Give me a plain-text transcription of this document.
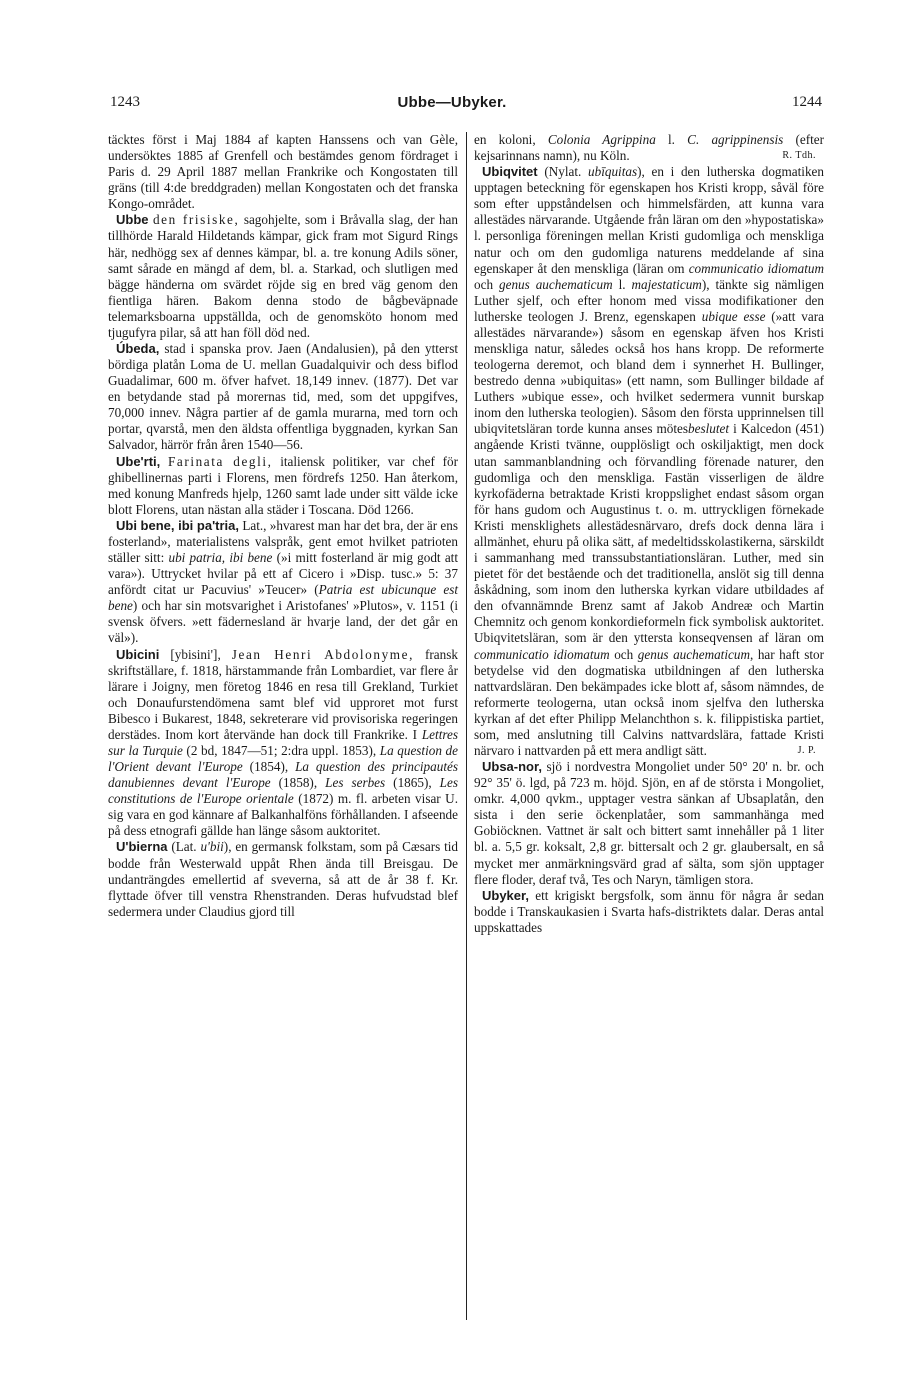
1243	Ubbe—Ubyker.	1244

täcktes först i Maj 1884 af kapten Hanssens och van Gèle, undersöktes 1885 af Grenfell och bestämdes genom fördraget i Paris d. 29 April 1887 mellan Frankrike och Kongostaten till gräns (till 4:de breddgraden) mellan Kongostaten och det franska Kongo-området.

Ubbe den frisiske, sagohjelte, som i Bråvalla slag, der han tillhörde Harald Hildetands kämpar, gick fram mot Sigurd Rings här, nedhögg sex af dennes kämpar, bl. a. tre konung Adils söner, samt sårade en mängd af dem, bl. a. Starkad, och slutligen med bägge händerna om svärdet röjde sig en bred väg genom den fientliga hären. Bakom denna stodo de bågbeväpnade telemarksboarna uppställda, och de genomsköto honom med tjugufyra pilar, så att han föll död ned.

Úbeda, stad i spanska prov. Jaen (Andalusien), på den ytterst bördiga platån Loma de U. mellan Guadalquivir och dess biflod Guadalimar, 600 m. öfver hafvet. 18,149 innev. (1877). Det var en betydande stad på morernas tid, med, som det uppgifves, 70,000 innev. Några partier af de gamla murarna, med torn och portar, qvarstå, men den äldsta offentliga byggnaden, kyrkan San Salvador, härrör från åren 1540—56.

Ube'rti, Farinata degli, italiensk politiker, var chef för ghibellinernas parti i Florens, men fördrefs 1250. Han återkom, med konung Manfreds hjelp, 1260 samt lade under sitt välde icke blott Florens, utan nästan alla städer i Toscana. Död 1266.

Ubi bene, ibi pa'tria, Lat., »hvarest man har det bra, der är ens fosterland», materialistens valspråk, gent emot hvilket patrioten ställer sitt: ubi patria, ibi bene (»i mitt fosterland är mig godt att vara»). Uttrycket hvilar på ett af Cicero i »Disp. tusc.» 5: 37 anfördt citat ur Pacuvius' »Teucer» (Patria est ubicunque est bene) och har sin motsvarighet i Aristofanes' »Plutos», v. 1151 (i svensk öfvers. »ett fädernesland är hvarje land, der det går en väl»).

Ubicini [ybisini'], Jean Henri Abdolonyme, fransk skriftställare, f. 1818, härstammande från Lombardiet, var flere år lärare i Joigny, men företog 1846 en resa till Grekland, Turkiet och Donaufurstendömena samt blef vid upproret mot furst Bibesco i Bukarest, 1848, sekreterare vid provisoriska regeringen derstädes. Inom kort återvände han dock till Frankrike. I Lettres sur la Turquie (2 bd, 1847—51; 2:dra uppl. 1853), La question de l'Orient devant l'Europe (1854), La question des principautés danubiennes devant l'Europe (1858), Les serbes (1865), Les constitutions de l'Europe orientale (1872) m. fl. arbeten visar U. sig vara en god kännare af Balkanhalföns förhållanden. I afseende på dess etnografi gällde han länge såsom auktoritet.

U'bierna (Lat. u'bii), en germansk folkstam, som på Cæsars tid bodde från Westerwald uppåt Rhen ända till Breisgau. De undanträngdes emellertid af sveverna, så att de år 38 f. Kr. flyttade öfver till venstra Rhenstranden. Deras hufvudstad blef sedermera under Claudius gjord till

en koloni, Colonia Agrippina l. C. agrippinensis (efter kejsarinnans namn), nu Köln.	R. Tdh.

Ubiqvitet (Nylat. ubīquitas), en i den lutherska dogmatiken upptagen beteckning för egenskapen hos Kristi kropp, såväl före som efter uppståndelsen och himmelsfärden, att kunna vara allestädes närvarande. Utgående från läran om den »hypostatiska» l. personliga föreningen mellan Kristi gudomliga och menskliga natur och om den gudomliga naturens meddelande af sina egenskaper åt den menskliga (läran om communicatio idiomatum och genus auchematicum l. majestaticum), tänkte sig nämligen Luther sjelf, och efter honom med vissa modifikationer den lutherske teologen J. Brenz, egenskapen ubique esse (»att vara allestädes närvarande») såsom en egenskap äfven hos Kristi menskliga natur, således också hos hans kropp. De reformerte teologerna deremot, och bland dem i synnerhet H. Bullinger, bestredo denna »ubiquitas» (ett namn, som Bullinger bildade af Luthers »ubique esse», och hvilket sedermera vunnit burskap inom den lutherska teologien). Såsom den första upprinnelsen till ubiqvitetsläran torde kunna anses mötesbeslutet i Kalcedon (451) angående Kristi tvänne, oupplösligt och oskiljaktigt, men dock utan sammanblandning och förvandling förenade naturer, den gudomliga och den menskliga. Fastän visserligen de äldre kyrkofäderna betraktade Kristi kroppslighet endast såsom organ för hans gudom och Augustinus t. o. m. uttryckligen förnekade Kristi mensklighets allestädesnärvaro, drefs dock denna lära i allmänhet, ehuru på olika sätt, af medeltidsskolastikerna, särskildt i sammanhang med transsubstantiationsläran. Luther, med sin pietet för det bestående och det traditionella, anslöt sig till denna åskådning, som inom den lutherska kyrkan vidare utbildades af den ofvannämnde Brenz samt af Jakob Andreæ och Martin Chemnitz och genom konkordieformeln fick symbolisk auktoritet. Ubiqvitetsläran, som är den yttersta konseqvensen af läran om communicatio idiomatum och genus auchematicum, har haft stor betydelse vid den dogmatiska utbildningen af den lutherska nattvardsläran. Den bekämpades icke blott af, såsom nämndes, de reformerte teologerna, utan också inom sjelfva den lutherska kyrkan af det efter Philipp Melanchthon s. k. filippistiska partiet, som, med anslutning till Calvins nattvardslära, fattade Kristi närvaro i nattvarden på ett mera andligt sätt.	J. P.

Ubsa-nor, sjö i nordvestra Mongoliet under 50° 20' n. br. och 92° 35' ö. lgd, på 723 m. höjd. Sjön, en af de största i Mongoliet, omkr. 4,000 qvkm., upptager vestra sänkan af Ubsaplatån, den sista i den serie öckenplatåer, som sammanhänga med Gobiöcknen. Vattnet är salt och bittert samt innehåller på 1 liter bl. a. 5,5 gr. koksalt, 2,8 gr. bittersalt och 2 gr. glaubersalt, en så mycket mer anmärkningsvärd grad af sälta, som sjön upptager flere floder, deraf två, Tes och Naryn, tämligen stora.

Ubyker, ett krigiskt bergsfolk, som ännu för några år sedan bodde i Transkaukasien i Svarta hafs-distriktets dalar. Deras antal uppskattades
